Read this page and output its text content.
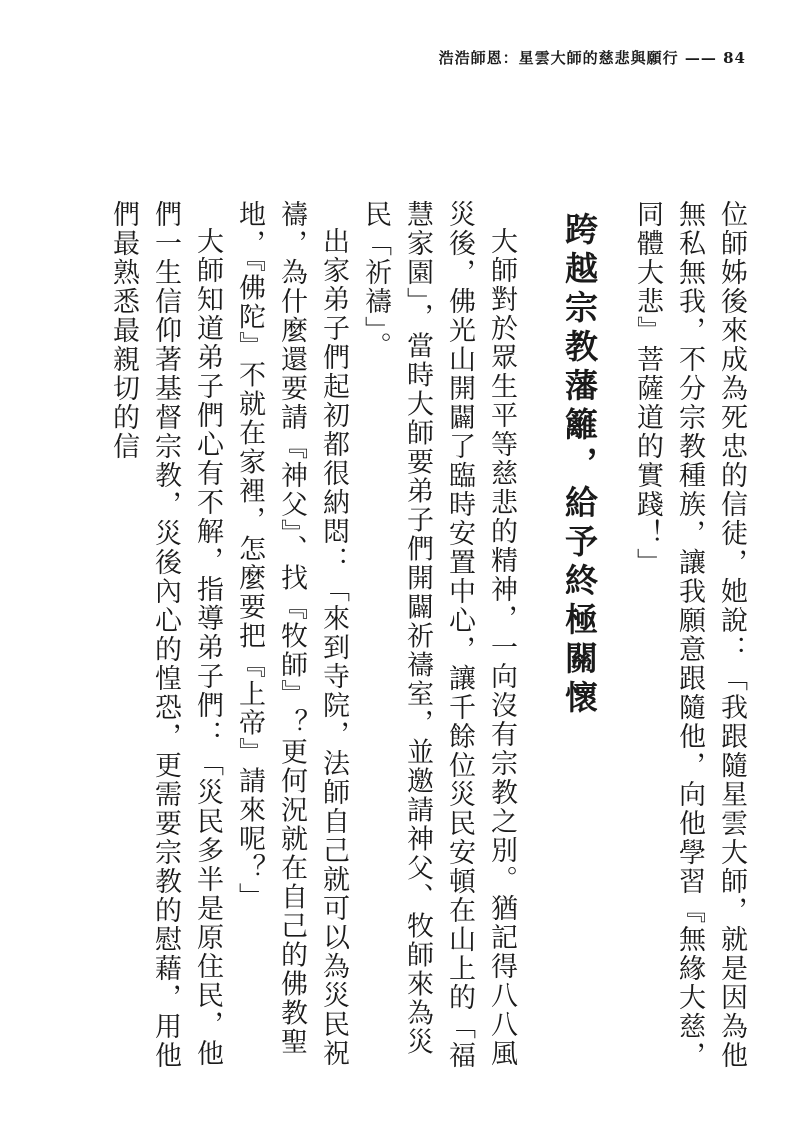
浩浩師恩：星雲大師的慈悲與願行 —— 84

位師姊後來成為死忠的信徒，她說：「我跟隨星雲大師，就是因為他無私無我，不分宗教種族，讓我願意跟隨他，向他學習『無緣大慈，同體大悲』菩薩道的實踐！」

跨越宗教藩籬，給予終極關懷

大師對於眾生平等慈悲的精神，一向沒有宗教之別。猶記得八八風災後，佛光山開闢了臨時安置中心，讓千餘位災民安頓在山上的「福慧家園」，當時大師要弟子們開闢祈禱室，並邀請神父、牧師來為災民「祈禱」。

出家弟子們起初都很納悶：「來到寺院，法師自己就可以為災民祝禱，為什麼還要請『神父』、找『牧師』？更何況就在自己的佛教聖地，『佛陀』不就在家裡，怎麼要把『上帝』請來呢？」

大師知道弟子們心有不解，指導弟子們：「災民多半是原住民，他們一生信仰著基督宗教，災後內心的惶恐，更需要宗教的慰藉，用他們最熟悉最親切的信
